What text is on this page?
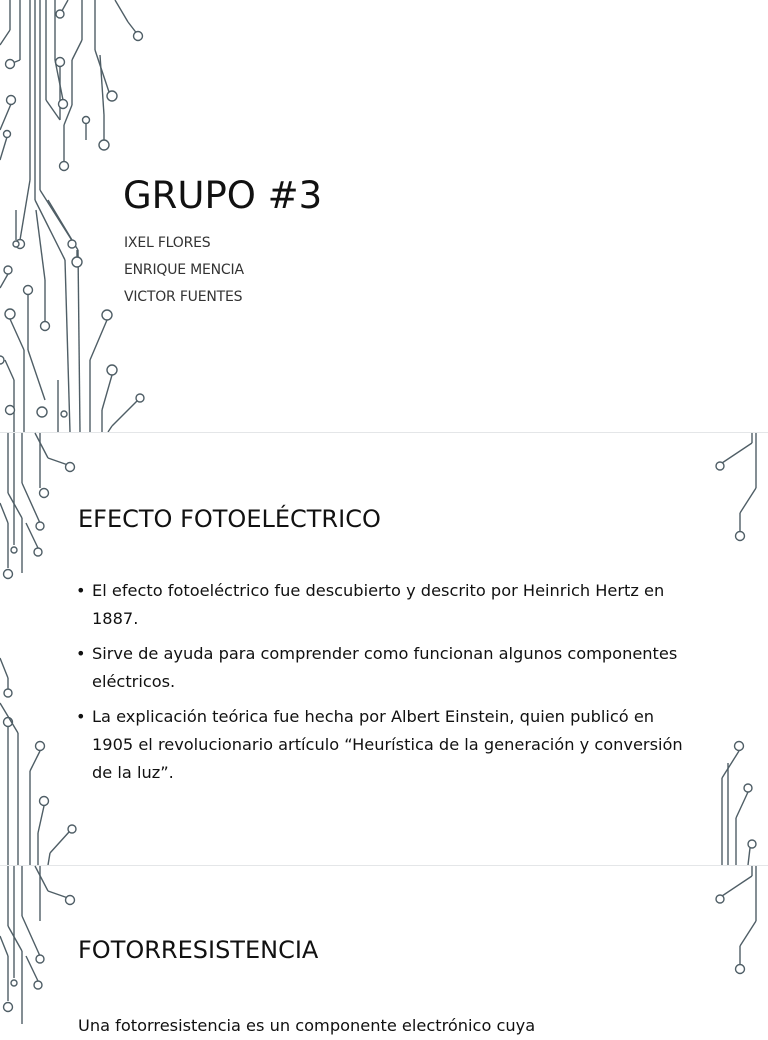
GRUPO #3
IXEL FLORES
ENRIQUE MENCIA
VICTOR FUENTES
EFECTO FOTOELÉCTRICO
• El efecto fotoeléctrico fue descubierto y descrito por Heinrich Hertz en 1887.
• Sirve de ayuda para comprender como funcionan algunos componentes eléctricos.
• La explicación teórica fue hecha por Albert Einstein, quien publicó en 1905 el revolucionario artículo “Heurística de la generación y conversión de la luz”.
FOTORRESISTENCIA

Una fotorresistencia es un componente electrónico cuya
